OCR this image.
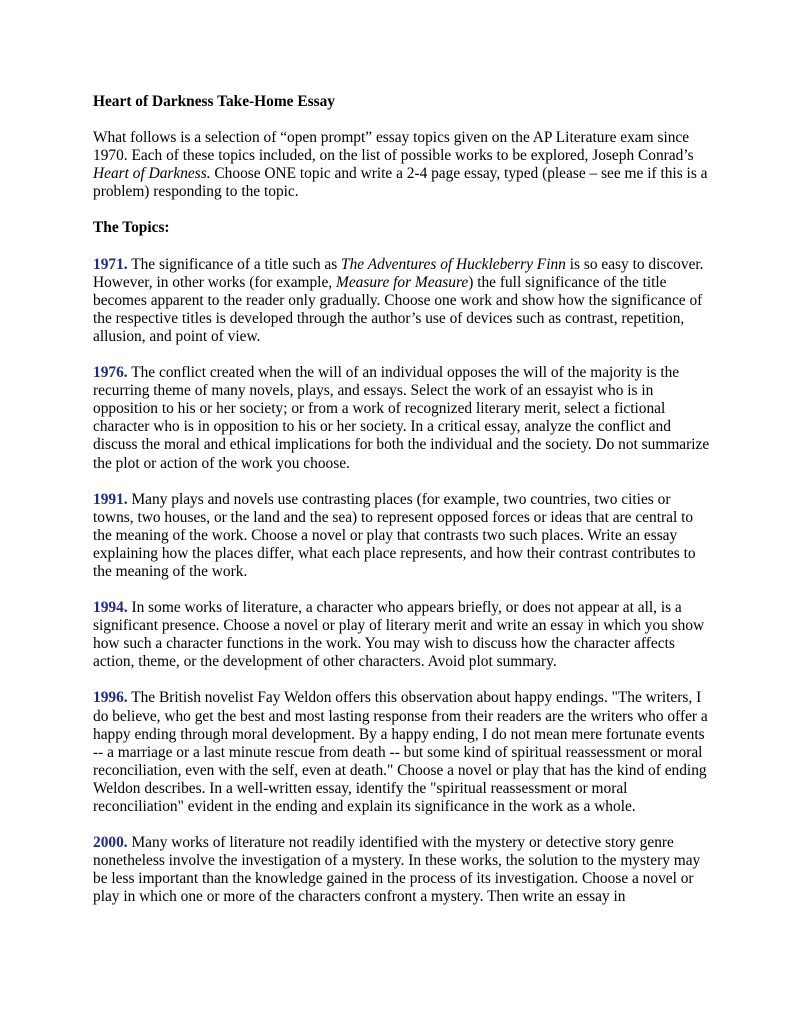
Heart of Darkness Take-Home Essay

What follows is a selection of “open prompt” essay topics given on the AP Literature exam since 1970. Each of these topics included, on the list of possible works to be explored, Joseph Conrad’s Heart of Darkness. Choose ONE topic and write a 2-4 page essay, typed (please – see me if this is a problem) responding to the topic.

The Topics:

1971. The significance of a title such as The Adventures of Huckleberry Finn is so easy to discover. However, in other works (for example, Measure for Measure) the full significance of the title becomes apparent to the reader only gradually. Choose one work and show how the significance of the respective titles is developed through the author’s use of devices such as contrast, repetition, allusion, and point of view.

1976. The conflict created when the will of an individual opposes the will of the majority is the recurring theme of many novels, plays, and essays. Select the work of an essayist who is in opposition to his or her society; or from a work of recognized literary merit, select a fictional character who is in opposition to his or her society. In a critical essay, analyze the conflict and discuss the moral and ethical implications for both the individual and the society. Do not summarize the plot or action of the work you choose.

1991. Many plays and novels use contrasting places (for example, two countries, two cities or towns, two houses, or the land and the sea) to represent opposed forces or ideas that are central to the meaning of the work. Choose a novel or play that contrasts two such places. Write an essay explaining how the places differ, what each place represents, and how their contrast contributes to the meaning of the work.

1994. In some works of literature, a character who appears briefly, or does not appear at all, is a significant presence. Choose a novel or play of literary merit and write an essay in which you show how such a character functions in the work. You may wish to discuss how the character affects action, theme, or the development of other characters. Avoid plot summary.

1996. The British novelist Fay Weldon offers this observation about happy endings. "The writers, I do believe, who get the best and most lasting response from their readers are the writers who offer a happy ending through moral development. By a happy ending, I do not mean mere fortunate events -- a marriage or a last minute rescue from death -- but some kind of spiritual reassessment or moral reconciliation, even with the self, even at death." Choose a novel or play that has the kind of ending Weldon describes. In a well-written essay, identify the "spiritual reassessment or moral reconciliation" evident in the ending and explain its significance in the work as a whole.

2000. Many works of literature not readily identified with the mystery or detective story genre nonetheless involve the investigation of a mystery. In these works, the solution to the mystery may be less important than the knowledge gained in the process of its investigation. Choose a novel or play in which one or more of the characters confront a mystery. Then write an essay in
